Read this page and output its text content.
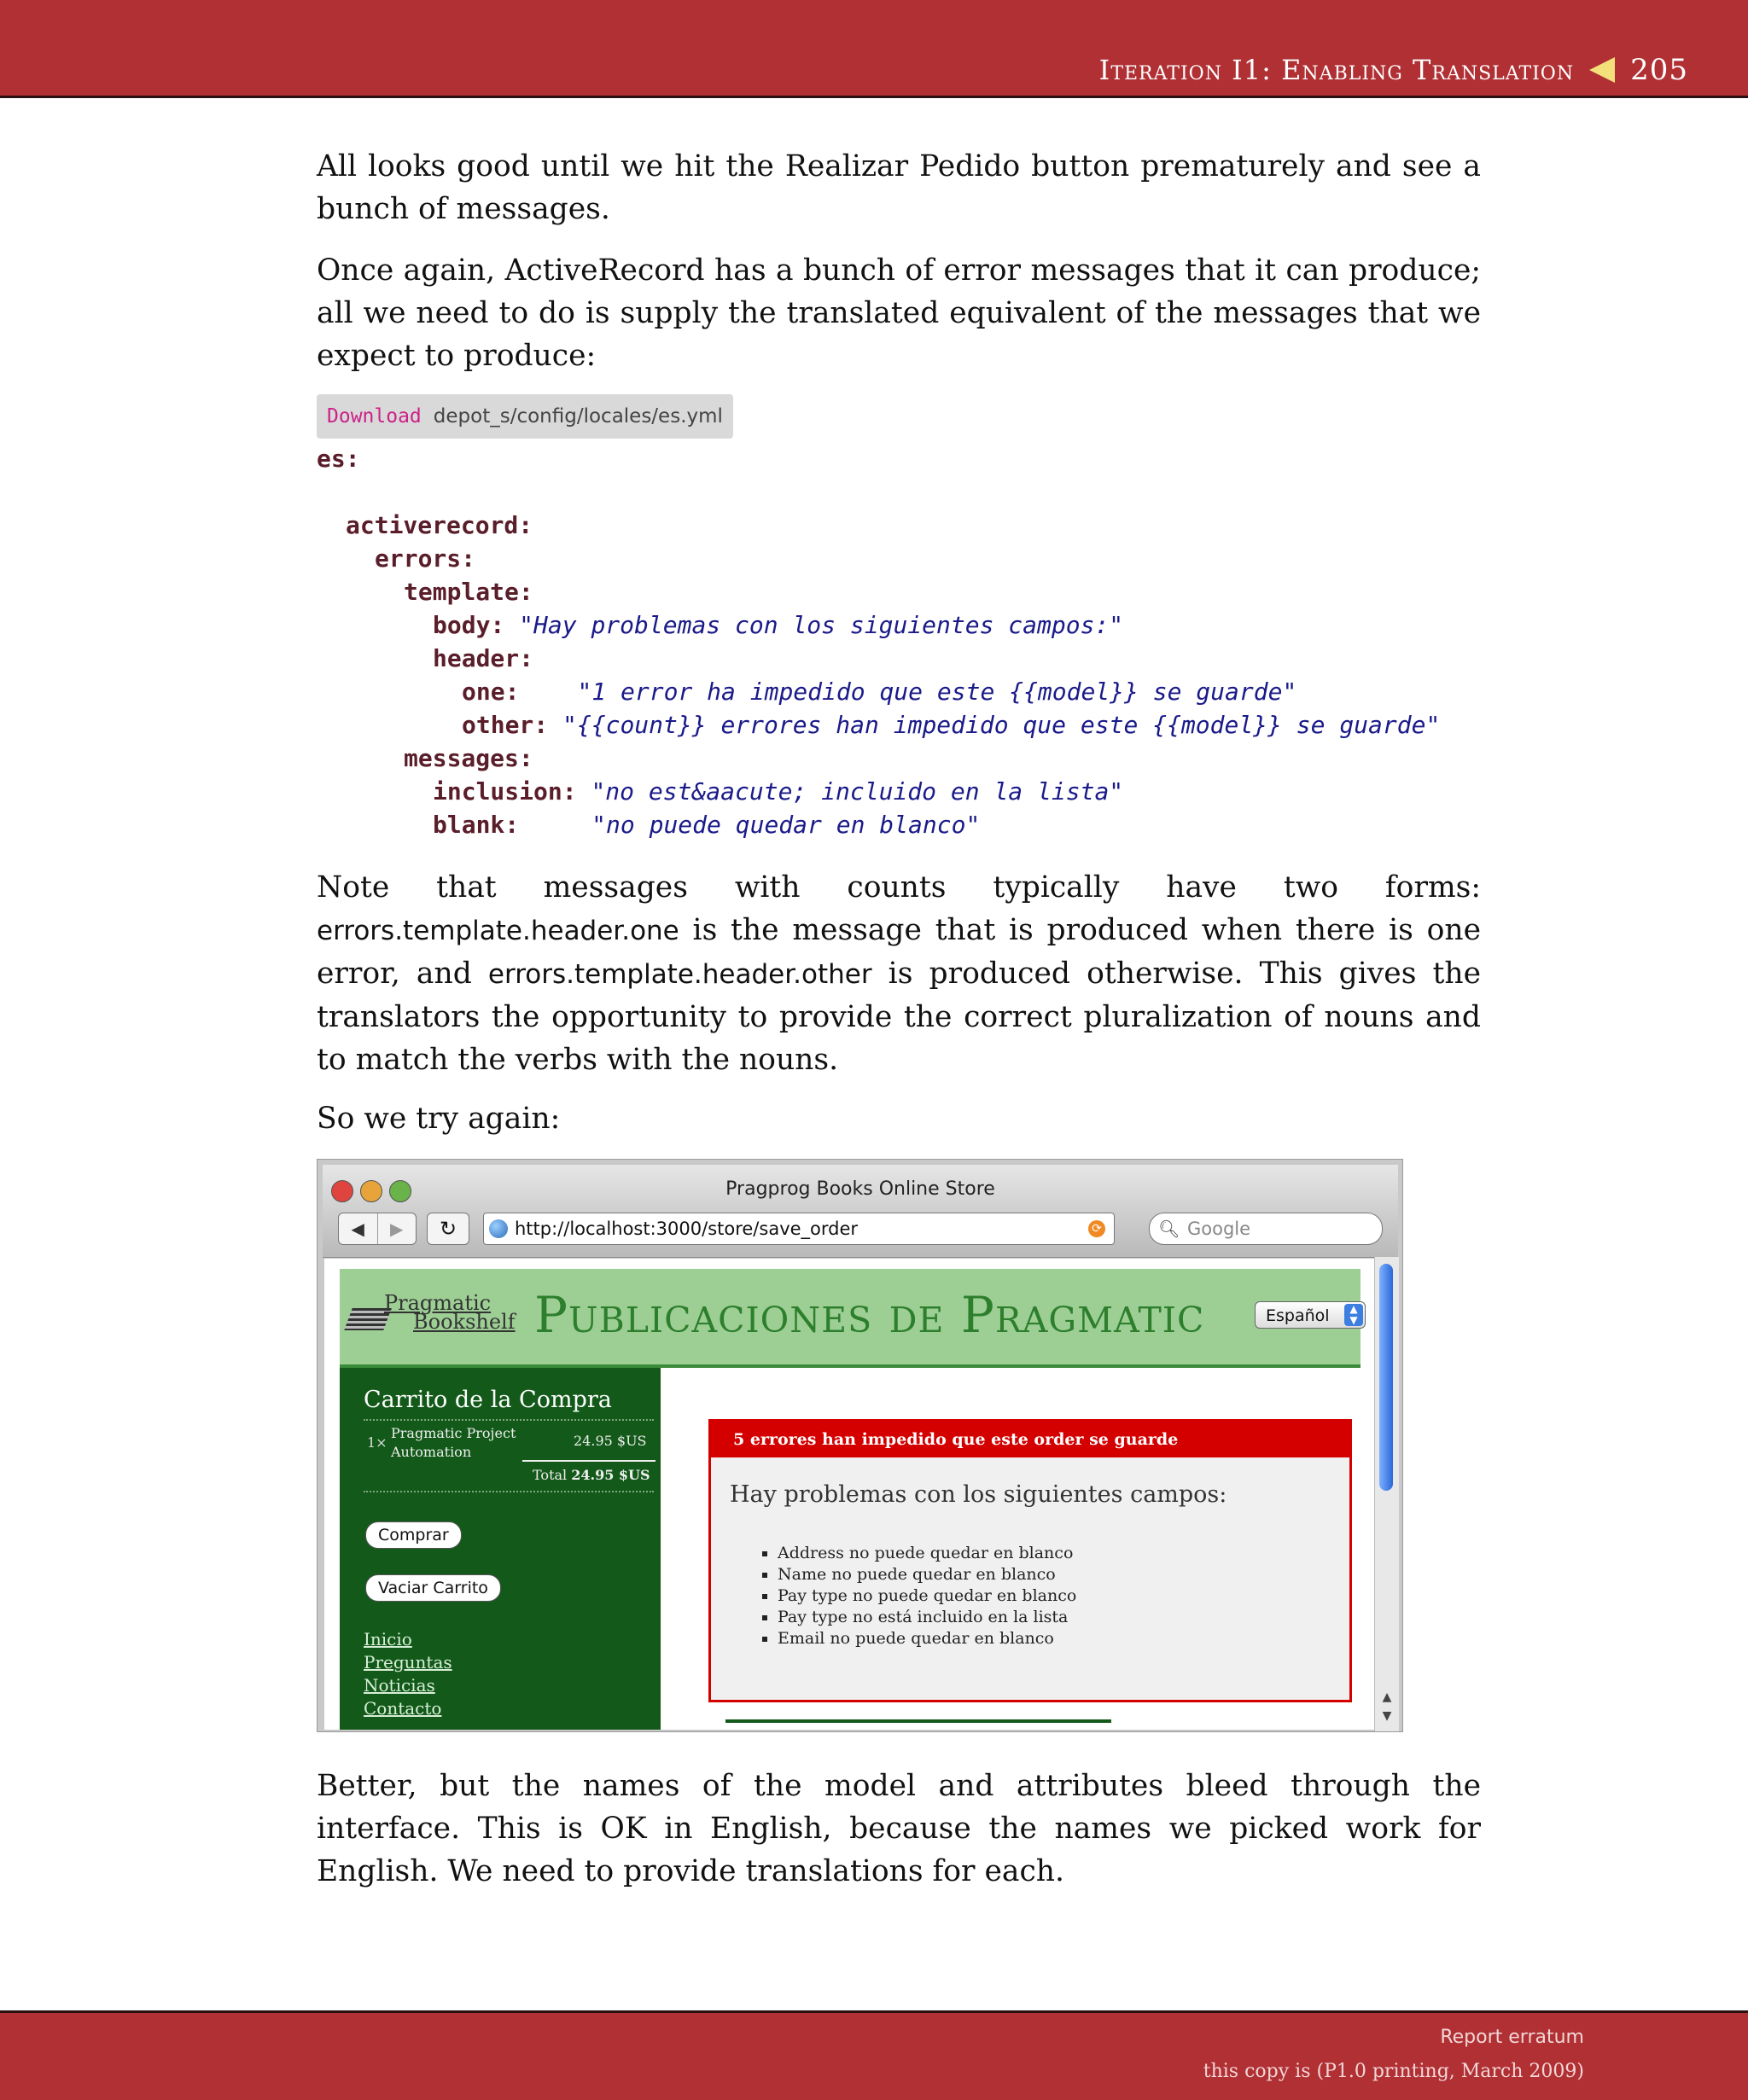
Iteration I1: Enabling Translation 205

All looks good until we hit the Realizar Pedido button prematurely and see a bunch of messages.

Once again, ActiveRecord has a bunch of error messages that it can produce; all we need to do is supply the translated equivalent of the messages that we expect to produce:

Download depot_s/config/locales/es.yml
es:
activerecord:
errors:
template:
body: "Hay problemas con los siguientes campos:"
header:
one: "1 error ha impedido que este {{model}} se guarde"
other: "{{count}} errores han impedido que este {{model}} se guarde"
messages:
inclusion: "no est&aacute; incluido en la lista"
blank:	"no puede quedar en blanco"

Note that messages with counts typically have two forms: errors.template.header.​one is the message that is produced when there is one error, and errors.template.​header.other is produced otherwise. This gives the translators the opportunity to provide the correct pluralization of nouns and to match the verbs with the nouns.

So we try again:

Pragprog Books Online Store
◀	▶	↻	http://localhost:3000/store/save_order	⟳	🔍︎ Google
Pragmatic
Bookshelf Publicaciones de Pragmatic	Español	▲
▼
Carrito de la Compra
1×
Pragmatic Project
Automation
24.95 $US
Total 24.95 $US
Comprar
Vaciar Carrito
Inicio
Preguntas
Noticias
Contacto
5 errores han impedido que este order se guarde
Hay problemas con los siguientes campos:
▪ Address no puede quedar en blanco
▪ Name no puede quedar en blanco
▪ Pay type no puede quedar en blanco
▪ Pay type no está incluido en la lista
▪ Email no puede quedar en blanco
▲
▼

Better, but the names of the model and attributes bleed through the interface. This is OK in English, because the names we picked work for English. We need to provide translations for each.

Report erratum
this copy is (P1.0 printing, March 2009)
